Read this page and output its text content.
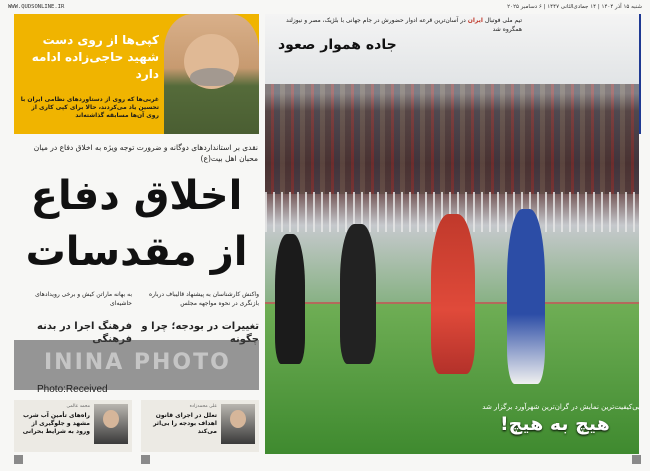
شنبه ۱۵ آذر ۱۴۰۴ | ۱۴ جمادی‌الثانی ۱۴۴۷ | ۶ دسامبر ۲۰۲۵
WWW.QUDSONLINE.IR
تیم ملی فوتبال ایران در آسان‌ترین قرعه ادوار حضورش در جام جهانی با بلژیک، مصر و نیوزلند همگروه شد
جاده هموار صعود
بی‌کیفیت‌ترین نمایش در گران‌ترین شهرآورد برگزار شد
هیچ به هیچ!
کپی‌ها از روی دست شهید حاجی‌زاده ادامه دارد
غربی‌ها که روی از دستاوردهای نظامی ایران با تحسین یاد می‌کردند، حالا برای کپی کاری از روی آن‌ها مسابقه گذاشته‌اند
نقدی بر استانداردهای دوگانه و ضرورت توجه ویژه به اخلاق دفاع در میان محبان اهل بیت(ع)
اخلاق دفاع
از مقدسات
واکنش کارشناسان به پیشنهاد قالیباف درباره بازنگری در نحوه مواجهه مجلس
تغییرات در بودجه؛ چرا و
به بهانه ماراتن کیش و برخی رویدادهای حاشیه‌ای
فرهنگ اجرا در بدنه
ININA PHOTO
Photo:Received
علی محمدزاده
تعلل در اجرای قانون اهداف بودجه را بی‌اثر می‌کند
محمد عالمی
راه‌های تأمین آب شرب مشهد و جلوگیری از ورود به شرایط بحرانی
